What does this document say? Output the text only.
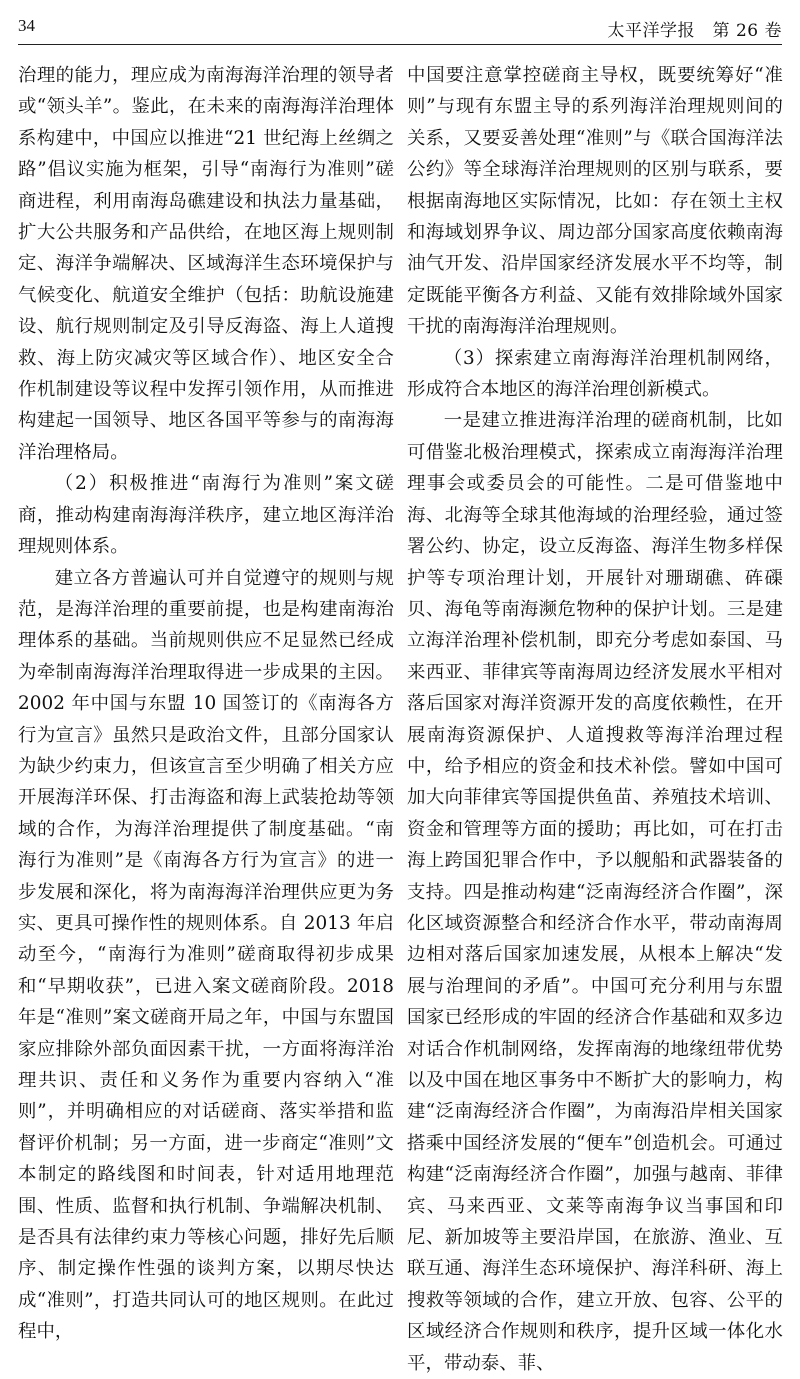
34	太平洋学报　第 26 卷

治理的能力，理应成为南海海洋治理的领导者或“领头羊”。鉴此，在未来的南海海洋治理体系构建中，中国应以推进“21 世纪海上丝绸之路”倡议实施为框架，引导“南海行为准则”磋商进程，利用南海岛礁建设和执法力量基础，扩大公共服务和产品供给，在地区海上规则制定、海洋争端解决、区域海洋生态环境保护与气候变化、航道安全维护（包括：助航设施建设、航行规则制定及引导反海盗、海上人道搜救、海上防灾减灾等区域合作）、地区安全合作机制建设等议程中发挥引领作用，从而推进构建起一国领导、地区各国平等参与的南海海洋治理格局。

（2）积极推进“南海行为准则”案文磋商，推动构建南海海洋秩序，建立地区海洋治理规则体系。

建立各方普遍认可并自觉遵守的规则与规范，是海洋治理的重要前提，也是构建南海治理体系的基础。当前规则供应不足显然已经成为牵制南海海洋治理取得进一步成果的主因。2002 年中国与东盟 10 国签订的《南海各方行为宣言》虽然只是政治文件，且部分国家认为缺少约束力，但该宣言至少明确了相关方应开展海洋环保、打击海盗和海上武装抢劫等领域的合作，为海洋治理提供了制度基础。“南海行为准则”是《南海各方行为宣言》的进一步发展和深化，将为南海海洋治理供应更为务实、更具可操作性的规则体系。自 2013 年启动至今，“南海行为准则”磋商取得初步成果和“早期收获”，已进入案文磋商阶段。2018 年是“准则”案文磋商开局之年，中国与东盟国家应排除外部负面因素干扰，一方面将海洋治理共识、责任和义务作为重要内容纳入“准则”，并明确相应的对话磋商、落实举措和监督评价机制；另一方面，进一步商定“准则”文本制定的路线图和时间表，针对适用地理范围、性质、监督和执行机制、争端解决机制、是否具有法律约束力等核心问题，排好先后顺序、制定操作性强的谈判方案，以期尽快达成“准则”，打造共同认可的地区规则。在此过程中，

中国要注意掌控磋商主导权，既要统筹好“准则”与现有东盟主导的系列海洋治理规则间的关系，又要妥善处理“准则”与《联合国海洋法公约》等全球海洋治理规则的区别与联系，要根据南海地区实际情况，比如：存在领土主权和海域划界争议、周边部分国家高度依赖南海油气开发、沿岸国家经济发展水平不均等，制定既能平衡各方利益、又能有效排除域外国家干扰的南海海洋治理规则。

（3）探索建立南海海洋治理机制网络，形成符合本地区的海洋治理创新模式。

一是建立推进海洋治理的磋商机制，比如可借鉴北极治理模式，探索成立南海海洋治理理事会或委员会的可能性。二是可借鉴地中海、北海等全球其他海域的治理经验，通过签署公约、协定，设立反海盗、海洋生物多样保护等专项治理计划，开展针对珊瑚礁、砗磲贝、海龟等南海濒危物种的保护计划。三是建立海洋治理补偿机制，即充分考虑如泰国、马来西亚、菲律宾等南海周边经济发展水平相对落后国家对海洋资源开发的高度依赖性，在开展南海资源保护、人道搜救等海洋治理过程中，给予相应的资金和技术补偿。譬如中国可加大向菲律宾等国提供鱼苗、养殖技术培训、资金和管理等方面的援助；再比如，可在打击海上跨国犯罪合作中，予以舰船和武器装备的支持。四是推动构建“泛南海经济合作圈”，深化区域资源整合和经济合作水平，带动南海周边相对落后国家加速发展，从根本上解决“发展与治理间的矛盾”。中国可充分利用与东盟国家已经形成的牢固的经济合作基础和双多边对话合作机制网络，发挥南海的地缘纽带优势以及中国在地区事务中不断扩大的影响力，构建“泛南海经济合作圈”，为南海沿岸相关国家搭乘中国经济发展的“便车”创造机会。可通过构建“泛南海经济合作圈”，加强与越南、菲律宾、马来西亚、文莱等南海争议当事国和印尼、新加坡等主要沿岸国，在旅游、渔业、互联互通、海洋生态环境保护、海洋科研、海上搜救等领域的合作，建立开放、包容、公平的区域经济合作规则和秩序，提升区域一体化水平，带动泰、菲、
